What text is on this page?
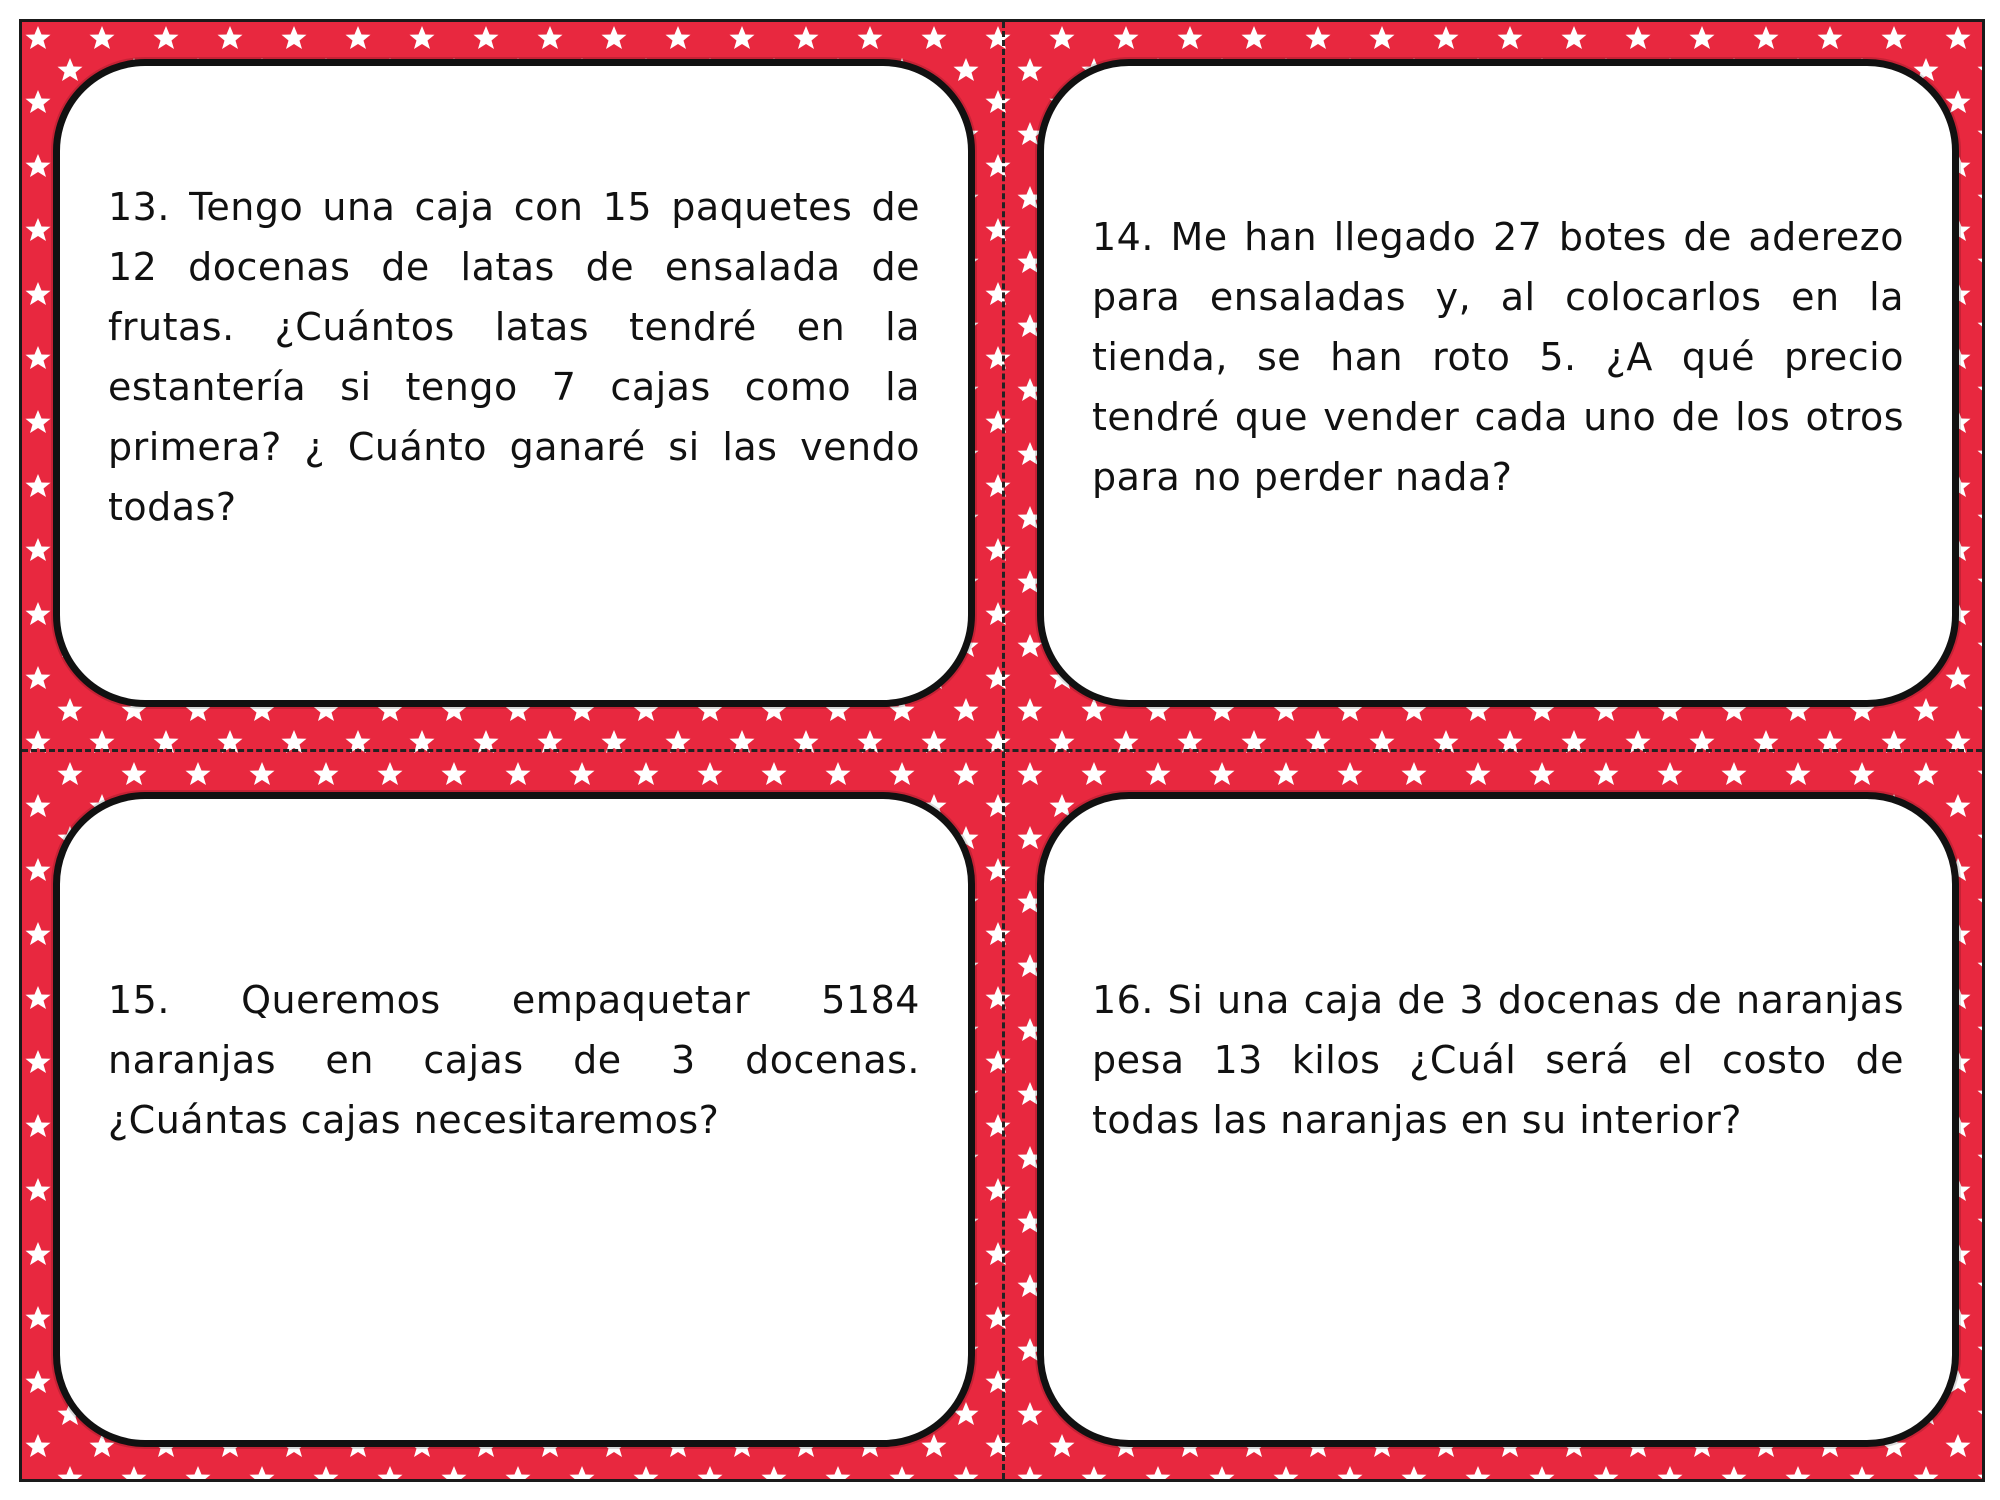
13. Tengo una caja con 15 paquetes de 12 docenas de latas de ensalada de frutas. ¿Cuántos latas tendré en la estantería si tengo 7 cajas como la primera? ¿ Cuánto ganaré si las vendo todas?

14. Me han llegado 27 botes de aderezo para ensaladas y, al colocarlos en la tienda, se han roto 5. ¿A qué precio tendré que vender cada uno de los otros para no perder nada?

15. Queremos empaquetar 5184 naranjas en cajas de 3 docenas. ¿Cuántas cajas necesitaremos?

16. Si una caja de 3 docenas de naranjas pesa 13 kilos ¿Cuál será el costo de todas las naranjas en su interior?
